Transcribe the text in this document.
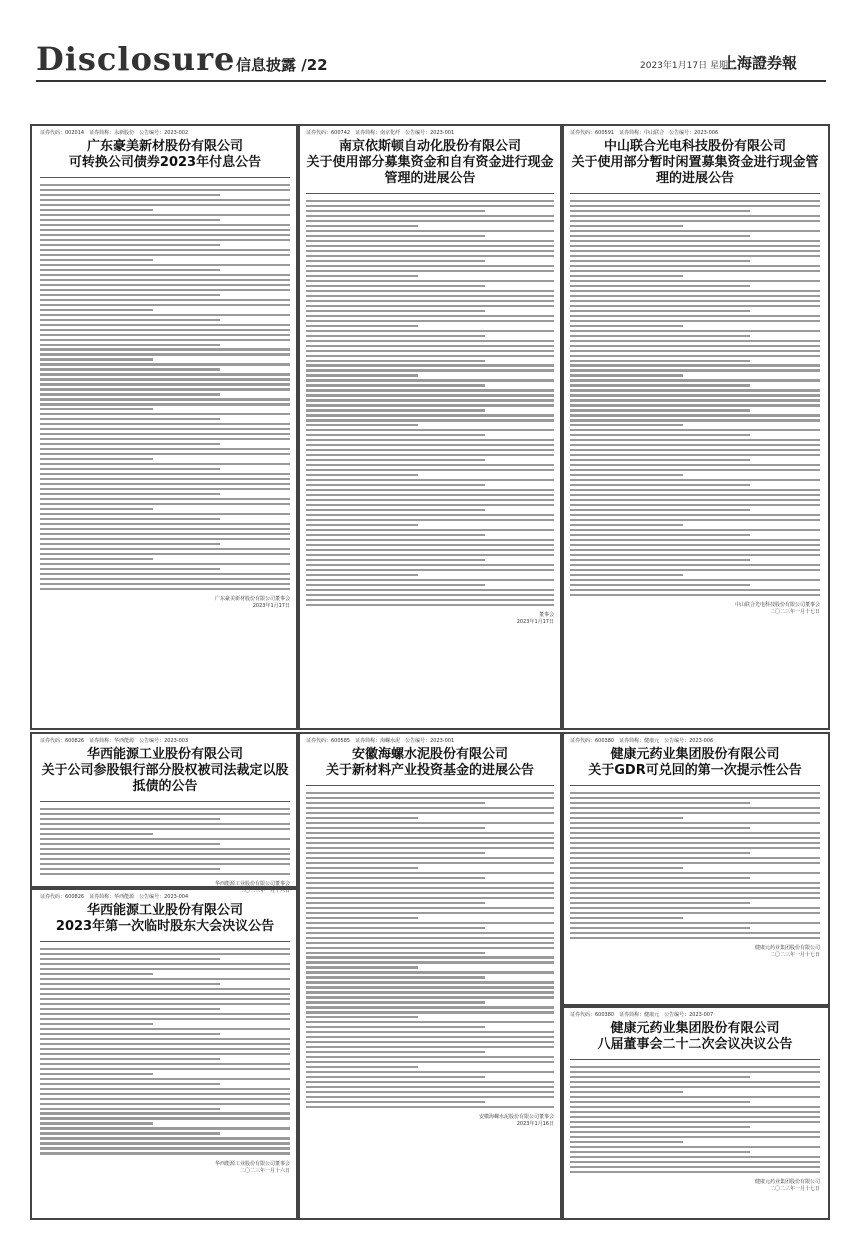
Disclosure 信息披露 /22	2023年1月17日 星期二
上海證券報
证券代码：002014　证券简称：永新股份　公告编号：2023-002
广东豪美新材股份有限公司
可转换公司债券2023年付息公告
广东豪美新材股份有限公司董事会
2023年1月17日
证券代码：600742　证券简称：南京化纤　公告编号：2023-001
南京依斯顿自动化股份有限公司
关于使用部分募集资金和自有资金进行现金管理的进展公告
董事会
2023年1月17日
证券代码：600591　证券简称：中山联合　公告编号：2023-006
中山联合光电科技股份有限公司
关于使用部分暂时闲置募集资金进行现金管理的进展公告
中山联合光电科技股份有限公司董事会
二〇二三年一月十七日
证券代码：600826　证券简称：华西能源　公告编号：2023-003
华西能源工业股份有限公司
关于公司参股银行部分股权被司法裁定以股抵债的公告
华西能源工业股份有限公司董事会
二〇二三年一月十六日
证券代码：600826　证券简称：华西能源　公告编号：2023-004
华西能源工业股份有限公司
2023年第一次临时股东大会决议公告
华西能源工业股份有限公司董事会
二〇二三年一月十六日
证券代码：600585　证券简称：海螺水泥　公告编号：2023-001
安徽海螺水泥股份有限公司
关于新材料产业投资基金的进展公告
安徽海螺水泥股份有限公司董事会
2023年1月16日
证券代码：600380　证券简称：健康元　公告编号：2023-006
健康元药业集团股份有限公司
关于GDR可兑回的第一次提示性公告
健康元药业集团股份有限公司
二〇二三年一月十七日
证券代码：600380　证券简称：健康元　公告编号：2023-007
健康元药业集团股份有限公司
八届董事会二十二次会议决议公告
健康元药业集团股份有限公司
二〇二三年一月十七日
